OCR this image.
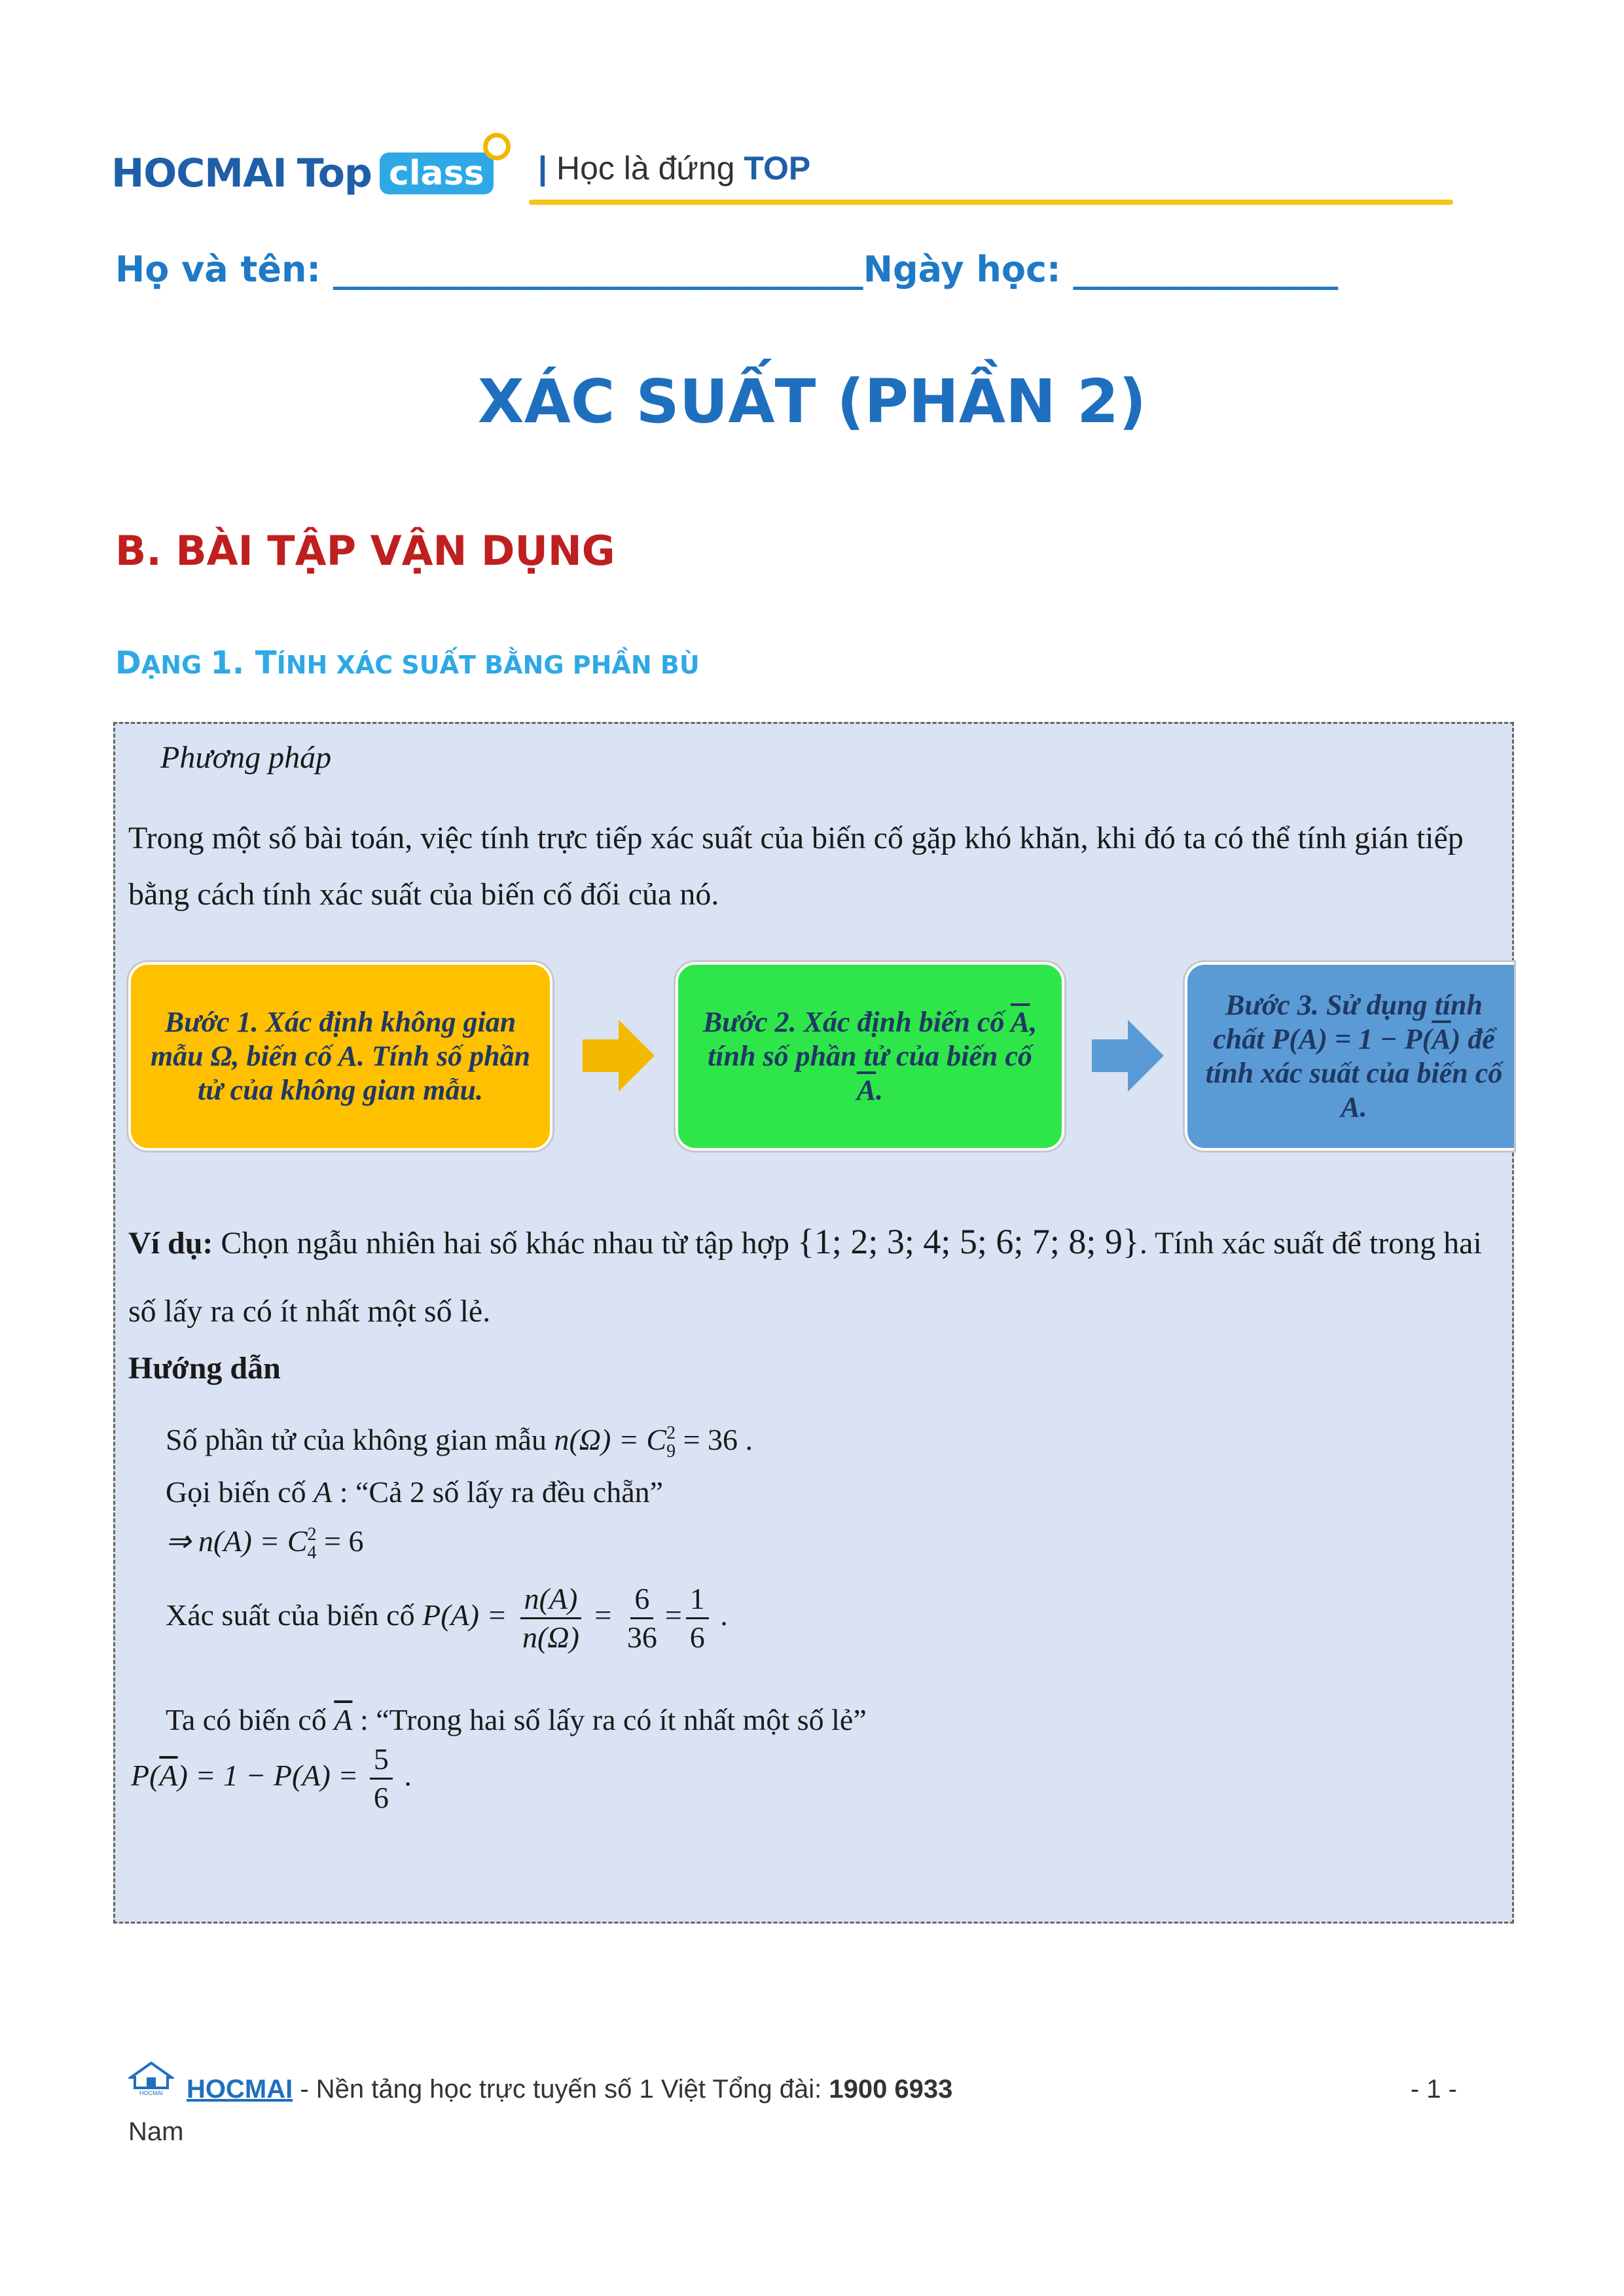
HOCMAI Top class | Học là đứng TOP
Họ và tên: ______________________________Ngày học: _______________
XÁC SUẤT (PHẦN 2)
B. BÀI TẬP VẬN DỤNG
DẠNG 1. TÍNH XÁC SUẤT BẰNG PHẦN BÙ
Phương pháp
Trong một số bài toán, việc tính trực tiếp xác suất của biến cố gặp khó khăn, khi đó ta có thể tính gián tiếp bằng cách tính xác suất của biến cố đối của nó.
Bước 1. Xác định không gian mẫu Ω, biến cố A. Tính số phần tử của không gian mẫu.
Bước 2. Xác định biến cố $\overline{A}$, tính số phần tử của biến cố $\overline{A}$.
Bước 3. Sử dụng tính chất $P(A) = 1 - P(\overline{A})$ để tính xác suất của biến cố A.
Ví dụ: Chọn ngẫu nhiên hai số khác nhau từ tập hợp {1; 2; 3; 4; 5; 6; 7; 8; 9}. Tính xác suất để trong hai số lấy ra có ít nhất một số lẻ.
Hướng dẫn
Số phần tử của không gian mẫu n(Ω) = C 2
9 = 36 .
Gọi biến cố A : “Cả 2 số lấy ra đều chẵn”
⇒ n(A) = C 2
4 = 6
Xác suất của biến cố $P(A) = \frac{n(A)}{n(\Omega)} = \frac{6}{36} = \frac{1}{6}$ .
Ta có biến cố $\overline{A}$ : “Trong hai số lấy ra có ít nhất một số lẻ”
$P(\overline{A}) = 1 - P(A) = \frac{5}{6}$ .
HOCMAI HOCMAI - Nền tảng học trực tuyến số 1 Việt Tổng đài: 1900 6933	- 1 -
Nam
